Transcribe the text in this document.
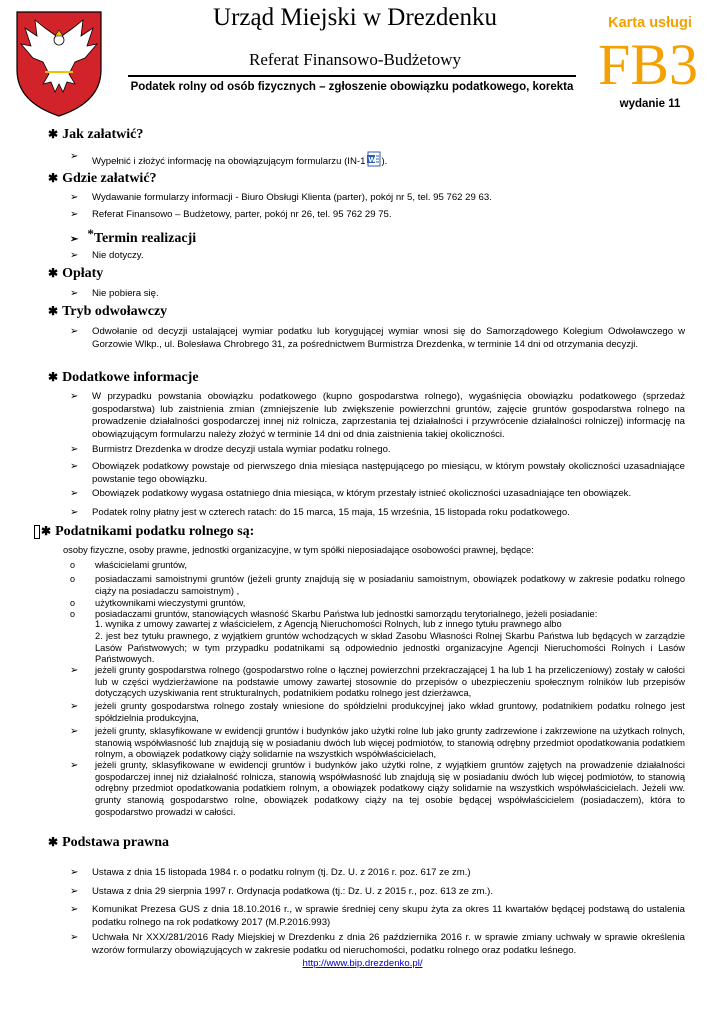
Urząd Miejski w Drezdenku
Referat Finansowo-Budżetowy
Podatek rolny od osób fizycznych – zgłoszenie obowiązku podatkowego, korekta
Karta usługi
FB3
wydanie 11
✱ Jak załatwić?
➢ Wypełnić i złożyć informację na obowiązującym formularzu (IN-1 W ).
✱ Gdzie załatwić?
➢ Wydawanie formularzy informacji - Biuro Obsługi Klienta (parter), pokój nr 5, tel. 95 762 29 63.
➢ Referat Finansowo – Budżetowy, parter, pokój nr 26, tel. 95 762 29 75.
➢ *Termin realizacji
➢ Nie dotyczy.
✱ Opłaty
➢ Nie pobiera się.
✱ Tryb odwoławczy
➢ Odwołanie od decyzji ustalającej wymiar podatku lub korygującej wymiar wnosi się do Samorządowego Kolegium Odwoławczego w Gorzowie Wlkp., ul. Bolesława Chrobrego 31, za pośrednictwem Burmistrza Drezdenka, w terminie 14 dni od otrzymania decyzji.
✱ Dodatkowe informacje
➢ W przypadku powstania obowiązku podatkowego (kupno gospodarstwa rolnego), wygaśnięcia obowiązku podatkowego (sprzedaż gospodarstwa) lub zaistnienia zmian (zmniejszenie lub zwiększenie powierzchni gruntów, zajęcie gruntów gospodarstwa rolnego na prowadzenie działalności gospodarczej innej niż rolnicza, zaprzestania tej działalności i przywrócenie działalności rolniczej) informację na obowiązującym formularzu należy złożyć w terminie 14 dni od dnia zaistnienia takiej okoliczności.
➢ Burmistrz Drezdenka w drodze decyzji ustala wymiar podatku rolnego.
➢ Obowiązek podatkowy powstaje od pierwszego dnia miesiąca następującego po miesiącu, w którym powstały okoliczności uzasadniające powstanie tego obowiązku.
➢ Obowiązek podatkowy wygasa ostatniego dnia miesiąca, w którym przestały istnieć okoliczności uzasadniające ten obowiązek.
➢ Podatek rolny płatny jest w czterech ratach: do 15 marca, 15 maja, 15 września, 15 listopada roku podatkowego.
✱ Podatnikami podatku rolnego są:
osoby fizyczne, osoby prawne, jednostki organizacyjne, w tym spółki nieposiadające osobowości prawnej, będące:
o właścicielami gruntów,
o posiadaczami samoistnymi gruntów (jeżeli grunty znajdują się w posiadaniu samoistnym, obowiązek podatkowy w zakresie podatku rolnego ciąży na posiadaczu samoistnym) ,
o użytkownikami wieczystymi gruntów,
o posiadaczami gruntów, stanowiących własność Skarbu Państwa lub jednostki samorządu terytorialnego, jeżeli posiadanie:
1. wynika z umowy zawartej z właścicielem, z Agencją Nieruchomości Rolnych, lub z innego tytułu prawnego albo
2. jest bez tytułu prawnego, z wyjątkiem gruntów wchodzących w skład Zasobu Własności Rolnej Skarbu Państwa lub będących w zarządzie Lasów Państwowych; w tym przypadku podatnikami są odpowiednio jednostki organizacyjne Agencji Nieruchomości Rolnych i Lasów Państwowych.
➢ jeżeli grunty gospodarstwa rolnego (gospodarstwo rolne o łącznej powierzchni przekraczającej 1 ha lub 1 ha przeliczeniowy) zostały w całości lub w części wydzierżawione na podstawie umowy zawartej stosownie do przepisów o ubezpieczeniu społecznym rolników lub przepisów dotyczących uzyskiwania rent strukturalnych, podatnikiem podatku rolnego jest dzierżawca,
➢ jeżeli grunty gospodarstwa rolnego zostały wniesione do spółdzielni produkcyjnej jako wkład gruntowy, podatnikiem podatku rolnego jest spółdzielnia produkcyjna,
➢ jeżeli grunty, sklasyfikowane w ewidencji gruntów i budynków jako użytki rolne lub jako grunty zadrzewione i zakrzewione na użytkach rolnych, stanowią współwłasność lub znajdują się w posiadaniu dwóch lub więcej podmiotów, to stanowią odrębny przedmiot opodatkowania podatkiem rolnym, a obowiązek podatkowy ciąży solidarnie na wszystkich współwłaścicielach,
➢ jeżeli grunty, sklasyfikowane w ewidencji gruntów i budynków jako użytki rolne, z wyjątkiem gruntów zajętych na prowadzenie działalności gospodarczej innej niż działalność rolnicza, stanowią współwłasność lub znajdują się w posiadaniu dwóch lub więcej podmiotów, to stanowią odrębny przedmiot opodatkowania podatkiem rolnym, a obowiązek podatkowy ciąży solidarnie na wszystkich współwłaścicielach. Jeżeli ww. grunty stanowią gospodarstwo rolne, obowiązek podatkowy ciąży na tej osobie będącej współwłaścicielem (posiadaczem), która to gospodarstwo prowadzi w całości.
✱ Podstawa prawna
➢ Ustawa z dnia 15 listopada 1984 r. o podatku rolnym (tj. Dz. U. z 2016 r. poz. 617 ze zm.)
➢ Ustawa z dnia 29 sierpnia 1997 r. Ordynacja podatkowa (tj.: Dz. U. z 2015 r., poz. 613 ze zm.).
➢ Komunikat Prezesa GUS z dnia 18.10.2016 r., w sprawie średniej ceny skupu żyta za okres 11 kwartałów będącej podstawą do ustalenia podatku rolnego na rok podatkowy 2017 (M.P.2016.993)
➢ Uchwała Nr XXX/281/2016 Rady Miejskiej w Drezdenku z dnia 26 października 2016 r. w sprawie zmiany uchwały w sprawie określenia wzorów formularzy obowiązujących w zakresie podatku od nieruchomości, podatku rolnego oraz podatku leśnego.
http://www.bip.drezdenko.pl/
